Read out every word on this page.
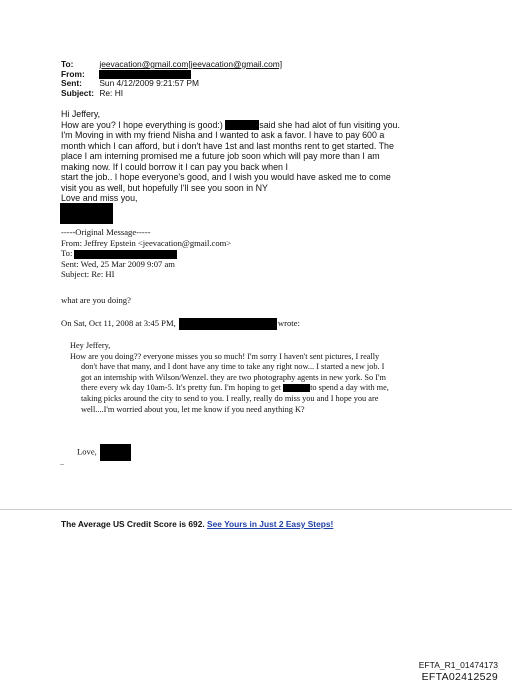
To:	jeevacation@gmail.com[jeevacation@gmail.com]
From:
Sent: Sun 4/12/2009 9:21:57 PM
Subject: Re: HI
Hi Jeffery,
How are you? I hope everything is good:)	said she had alot of fun visiting you.
I'm Moving in with my friend Nisha and I wanted to ask a favor. I have to pay 600 a
month which I can afford, but i don't have 1st and last months rent to get started. The
place I am interning promised me a future job soon which will pay more than I am
making now. If I could borrow it I can pay you back when I
start the job.. I hope everyone's good, and I wish you would have asked me to come
visit you as well, but hopefully I'll see you soon in NY
Love and miss you,
-----Original Message-----
From: Jeffrey Epstein <jeevacation@gmail.com>
To:
Sent: Wed, 25 Mar 2009 9:07 am
Subject: Re: HI
what are you doing?
On Sat, Oct 11, 2008 at 3:45 PM,	wrote:
Hey Jeffery,
How are you doing?? everyone misses you so much! I'm sorry I haven't sent pictures, I really
don't have that many, and I dont have any time to take any right now... I started a new job. I
got an internship with Wilson/Wenzel. they are two photography agents in new york. So I'm
there every wk day 10am-5. It's pretty fun. I'm hoping to get	to spend a day with me,
taking picks around the city to send to you. I really, really do miss you and I hope you are
well....I'm worried about you, let me know if you need anything K?
Love,
..
The Average US Credit Score is 692. See Yours in Just 2 Easy Steps!
EFTA_R1_01474173
EFTA02412529
